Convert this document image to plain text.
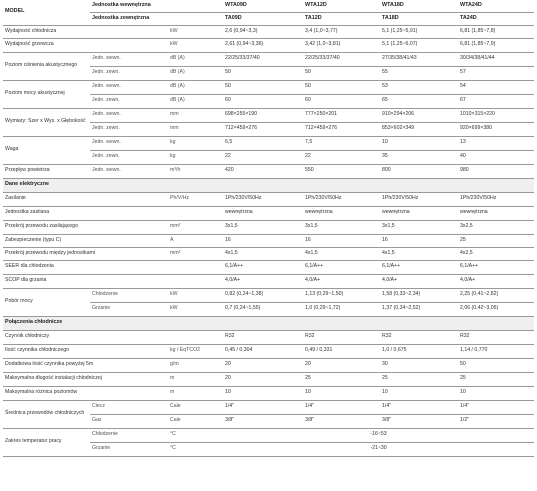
MODEL	Jednostka wewnętrzna		WTA09D	WTA12D	WTA18D	WTA24D
	Jednostka zewnętrzna		TA09D	TA12D	TA18D	TA24D
Wydajność chłodnicza		kW	2,6 (0,94~3,3)	3,4 (1,0~3,77)	5,1 (1,25~5,91)	6,81 (1,85~7,8)
Wydajność grzewcza		kW	2,61 (0,94~3,36)	3,42 (1,0~3,81)	5,1 (1,25~6,07)	6,81 (1,85~7,9)
Poziom ciśnienia akustycznego	Jedn. wewn.	dB (A)	22/25/33/37/40	22/25/33/37/40	27/35/38/41/43	30/34/38/41/44
	Jedn. zewn.	dB (A)	50	50	55	57
Poziom mocy akustycznej	Jedn. wewn.	dB (A)	50	50	53	54
	Jedn. zewn.	dB (A)	60	60	65	67
Wymiary: Szer x Wys. x Głębokość	Jedn. wewn.	mm	698×255×190	777×250×201	910×294×206	1010×315×220
	Jedn. zewn.	mm	712×459×276	712×459×276	853×602×349	920×699×380
Waga	Jedn. wewn.	kg	6,5	7,5	10	13
	Jedn. zewn.	kg	22	22	35	40
Przepływ powietrza	Jedn. wewn.	m³/h	420	550	800	980
Dane elektryczne						
Zasilanie		Ph/V/Hz	1Ph/230V/50Hz	1Ph/230V/50Hz	1Ph/230V/50Hz	1Ph/230V/50Hz
Jednostka zasilana			wewnętrzna	wewnętrzna	wewnętrzna	wewnętrzna
Przekrój przewodu zasilającego		mm²	3x1,5	3x1,5	3x1,5	3x2,5
Zabezpieczenie (typu C)		A	16	16	16	25
Przekrój przewodu między jednostkami		mm²	4x1,5	4x1,5	4x1,5	4x2,5
SEER dla chłodzenia			6,1/A++	6,1/A++	6,1/A++	6,1/A++
SCOP dla grzania			4,0/A+	4,0/A+	4,0/A+	4,0/A+
Pobór mocy	Chłodzenie	kW	0,82 (0,24~1,38)	1,13 (0,29~1,50)	1,58 (0,33~2,34)	2,25 (0,41~2,82)
	Grzanie	kW	0,7 (0,24~1,55)	1,0 (0,29~1,72)	1,37 (0,34~2,52)	2,06 (0,42~3,05)
Połączenia chłodnicze						
Czynnik chłodniczy			R32	R32	R32	R32
Ilość czynnika chłodniczego		kg / EqTCO2	0,45 / 0,304	0,49 / 0,331	1,0 / 0,675	1,14 / 0,770
Dodatkowa ilość czynnika powyżej 5m		g/m	20	20	30	50
Maksymalna długość instalacji chłodniczej		m	20	25	25	25
Maksymalna różnica poziomów		m	10	10	10	10
Średnica przewodów chłodniczych	Ciecz	Cale	1/4"	1/4"	1/4"	1/4"
	Gaz	Cale	3/8"	3/8"	3/8"	1/2"
Zakres temperatur pracy	Chłodzenie	°C	-16~53			
	Grzanie	°C	-21~30			
